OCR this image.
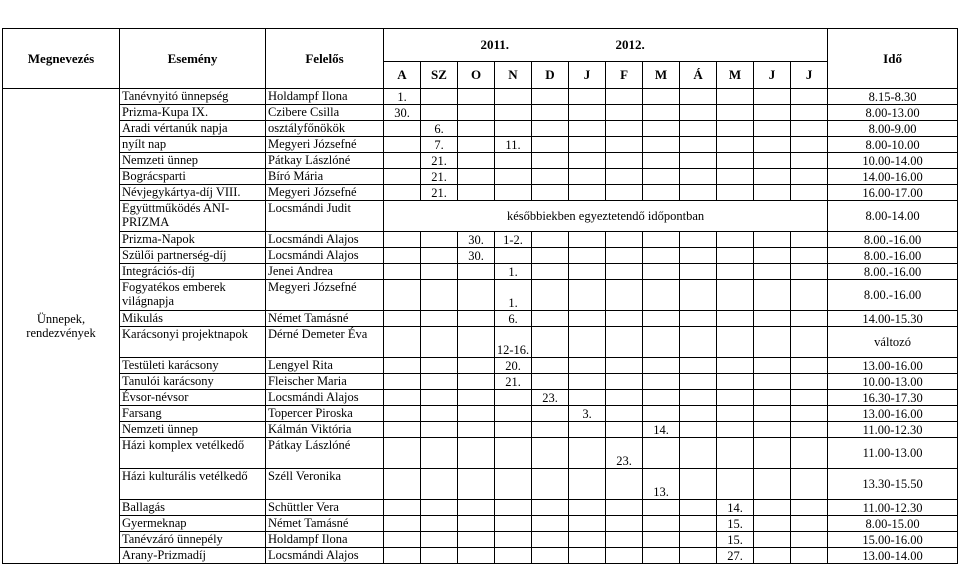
Megnevezés	Esemény	Felelős	2011.						2012.						Idő
			A	SZ	O	N	D	J	F	M	Á	M	J	J	
Ünnepek, rendezvények	Tanévnyitó ünnepség	Holdampf Ilona	1.												8.15-8.30
	Prizma-Kupa IX.	Czibere Csilla	30.												8.00-13.00
	Aradi vértanúk napja	osztályfőnökök		6.											8.00-9.00
	nyílt nap	Megyeri Józsefné		7.		11.									8.00-10.00
	Nemzeti ünnep	Pátkay Lászlóné		21.											10.00-14.00
	Bográcsparti	Bíró Mária		21.											14.00-16.00
	Névjegykártya-díj VIII.	Megyeri Józsefné		21.											16.00-17.00
	Együttműködés ANI-PRIZMA	Locsmándi Judit	későbbiekben egyeztetendő időpontban												8.00-14.00
	Prizma-Napok	Locsmándi Alajos			30.	1-2.									8.00.-16.00
	Szülői partnerség-díj	Locsmándi Alajos			30.										8.00.-16.00
	Integrációs-díj	Jenei Andrea				1.									8.00.-16.00
	Fogyatékos emberek világnapja	Megyeri Józsefné				1.									8.00.-16.00
	Mikulás	Német Tamásné				6.									14.00-15.30
	Karácsonyi projektnapok	Dérné Demeter Éva				12-16.									változó
	Testületi karácsony	Lengyel Rita				20.									13.00-16.00
	Tanulói karácsony	Fleischer Maria				21.									10.00-13.00
	Évsor-névsor	Locsmándi Alajos					23.								16.30-17.30
	Farsang	Topercer Piroska						3.							13.00-16.00
	Nemzeti ünnep	Kálmán Viktória								14.					11.00-12.30
	Házi komplex vetélkedő	Pátkay Lászlóné							23.						11.00-13.00
	Házi kulturális vetélkedő	Széll Veronika								13.					13.30-15.50
	Ballagás	Schüttler Vera										14.			11.00-12.30
	Gyermeknap	Német Tamásné										15.			8.00-15.00
	Tanévzáró ünnepély	Holdampf Ilona										15.			15.00-16.00
	Arany-Prizmadíj	Locsmándi Alajos										27.			13.00-14.00
